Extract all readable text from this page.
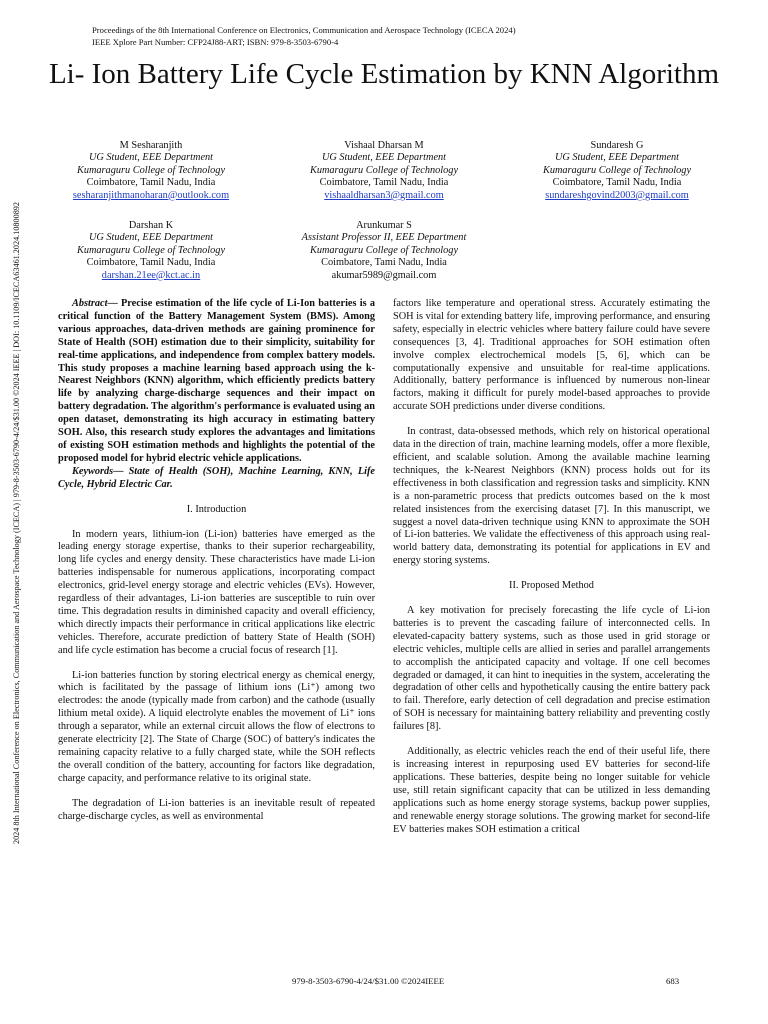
Proceedings of the 8th International Conference on Electronics, Communication and Aerospace Technology (ICECA 2024)
IEEE Xplore Part Number: CFP24J88-ART; ISBN: 979-8-3503-6790-4
Li- Ion Battery Life Cycle Estimation by KNN Algorithm
2024 8th International Conference on Electronics, Communication and Aerospace Technology (ICECA) | 979-8-3503-6790-4/24/$31.00 ©2024 IEEE | DOI: 10.1109/ICECA63461.2024.10800892
M Sesharanjith
UG Student, EEE Department
Kumaraguru College of Technology
Coimbatore, Tamil Nadu, India
sesharanjithmanoharan@outlook.com
Vishaal Dharsan M
UG Student, EEE Department
Kumaraguru College of Technology
Coimbatore, Tamil Nadu, India
vishaaldharsan3@gmail.com
Sundaresh G
UG Student, EEE Department
Kumaraguru College of Technology
Coimbatore, Tamil Nadu, India
sundareshgovind2003@gmail.com
Darshan K
UG Student, EEE Department
Kumaraguru College of Technology
Coimbatore, Tamil Nadu, India
darshan.21ee@kct.ac.in
Arunkumar S
Assistant Professor II, EEE Department
Kumaraguru College of Technology
Coimbatore, Tami Nadu, India
akumar5989@gmail.com

Abstract— Precise estimation of the life cycle of Li-Ion batteries is a critical function of the Battery Management System (BMS). Among various approaches, data-driven methods are gaining prominence for State of Health (SOH) estimation due to their simplicity, suitability for real-time applications, and independence from complex battery models. This study proposes a machine learning based approach using the k-Nearest Neighbors (KNN) algorithm, which efficiently predicts battery life by analyzing charge-discharge sequences and their impact on battery degradation. The algorithm's performance is evaluated using an open dataset, demonstrating its high accuracy in estimating battery SOH. Also, this research study explores the advantages and limitations of existing SOH estimation methods and highlights the potential of the proposed model for hybrid electric vehicle applications.

Keywords— State of Health (SOH), Machine Learning, KNN, Life Cycle, Hybrid Electric Car.

I. Introduction

In modern years, lithium-ion (Li-ion) batteries have emerged as the leading energy storage expertise, thanks to their superior rechargeability, long life cycles and energy density. These characteristics have made Li-ion batteries indispensable for numerous applications, incorporating compact electronics, grid-level energy storage and electric vehicles (EVs). However, regardless of their advantages, Li-ion batteries are susceptible to ruin over time. This degradation results in diminished capacity and overall efficiency, which directly impacts their performance in critical applications like electric vehicles. Therefore, accurate prediction of battery State of Health (SOH) and life cycle estimation has become a crucial focus of research [1].

Li-ion batteries function by storing electrical energy as chemical energy, which is facilitated by the passage of lithium ions (Li⁺) among two electrodes: the anode (typically made from carbon) and the cathode (usually lithium metal oxide). A liquid electrolyte enables the movement of Li⁺ ions through a separator, while an external circuit allows the flow of electrons to generate electricity [2]. The State of Charge (SOC) of battery's indicates the remaining capacity relative to a fully charged state, while the SOH reflects the overall condition of the battery, accounting for factors like degradation, charge capacity, and performance relative to its original state.

The degradation of Li-ion batteries is an inevitable result of repeated charge-discharge cycles, as well as environmental

factors like temperature and operational stress. Accurately estimating the SOH is vital for extending battery life, improving performance, and ensuring safety, especially in electric vehicles where battery failure could have severe consequences [3, 4]. Traditional approaches for SOH estimation often involve complex electrochemical models [5, 6], which can be computationally expensive and unsuitable for real-time applications. Additionally, battery performance is influenced by numerous non-linear factors, making it difficult for purely model-based approaches to provide accurate SOH predictions under diverse conditions.

In contrast, data-obsessed methods, which rely on historical operational data in the direction of train, machine learning models, offer a more flexible, efficient, and scalable solution. Among the available machine learning techniques, the k-Nearest Neighbors (KNN) process holds out for its effectiveness in both classification and regression tasks and simplicity. KNN is a non-parametric process that predicts outcomes based on the k most related insistences from the exercising dataset [7]. In this manuscript, we suggest a novel data-driven technique using KNN to approximate the SOH of Li-ion batteries. We validate the effectiveness of this approach using real-world battery data, demonstrating its potential for applications in EV and energy storing systems.

II. Proposed Method

A key motivation for precisely forecasting the life cycle of Li-ion batteries is to prevent the cascading failure of interconnected cells. In elevated-capacity battery systems, such as those used in grid storage or electric vehicles, multiple cells are allied in series and parallel arrangements to accomplish the anticipated capacity and voltage. If one cell becomes degraded or damaged, it can hint to inequities in the system, accelerating the degradation of other cells and hypothetically causing the entire battery pack to fail. Therefore, early detection of cell degradation and precise estimation of SOH is necessary for maintaining battery reliability and preventing costly failures [8].

Additionally, as electric vehicles reach the end of their useful life, there is increasing interest in repurposing used EV batteries for second-life applications. These batteries, despite being no longer suitable for vehicle use, still retain significant capacity that can be utilized in less demanding applications such as home energy storage systems, backup power supplies, and renewable energy storage solutions. The growing market for second-life EV batteries makes SOH estimation a critical

979-8-3503-6790-4/24/$31.00 ©2024IEEE	683
